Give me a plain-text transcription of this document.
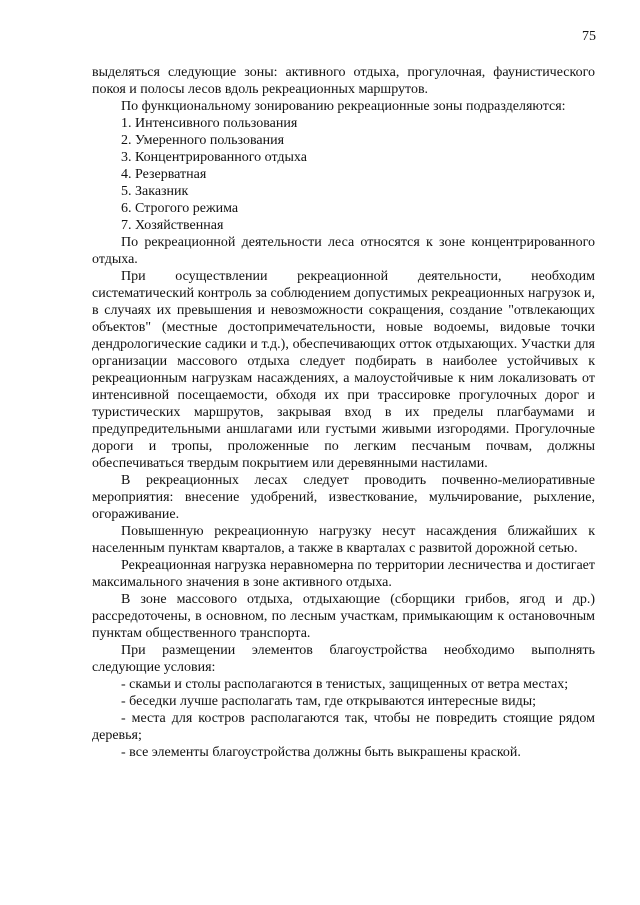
75

выделяться следующие зоны: активного отдыха, прогулочная, фаунистического покоя и полосы лесов вдоль рекреационных маршрутов.

По функциональному зонированию рекреационные зоны подразделяются:

1. Интенсивного пользования
2. Умеренного пользования
3. Концентрированного отдыха
4. Резерватная
5. Заказник
6. Строгого режима
7. Хозяйственная

По рекреационной деятельности леса относятся к зоне концентрированного отдыха.

При осуществлении рекреационной деятельности, необходим систематический контроль за соблюдением допустимых рекреационных нагрузок и, в случаях их превышения и невозможности сокращения, создание "отвлекающих объектов" (местные достопримечательности, новые водоемы, видовые точки дендрологические садики и т.д.), обеспечивающих отток отдыхающих. Участки для организации массового отдыха следует подбирать в наиболее устойчивых к рекреационным нагрузкам насаждениях, а малоустойчивые к ним локализовать от интенсивной посещаемости, обходя их при трассировке прогулочных дорог и туристических маршрутов, закрывая вход в их пределы плагбаумами и предупредительными аншлагами или густыми живыми изгородями. Прогулочные дороги и тропы, проложенные по легким песчаным почвам, должны обеспечиваться твердым покрытием или деревянными настилами.

В рекреационных лесах следует проводить почвенно-мелиоративные мероприятия: внесение удобрений, известкование, мульчирование, рыхление, огораживание.

Повышенную рекреационную нагрузку несут насаждения ближайших к населенным пунктам кварталов, а также в кварталах с развитой дорожной сетью.

Рекреационная нагрузка неравномерна по территории лесничества и достигает максимального значения в зоне активного отдыха.

В зоне массового отдыха, отдыхающие (сборщики грибов, ягод и др.) рассредоточены, в основном, по лесным участкам, примыкающим к остановочным пунктам общественного транспорта.

При размещении элементов благоустройства необходимо выполнять следующие условия:

- скамьи и столы располагаются в тенистых, защищенных от ветра местах;

- беседки лучше располагать там, где открываются интересные виды;

- места для костров располагаются так, чтобы не повредить стоящие рядом деревья;

- все элементы благоустройства должны быть выкрашены краской.
